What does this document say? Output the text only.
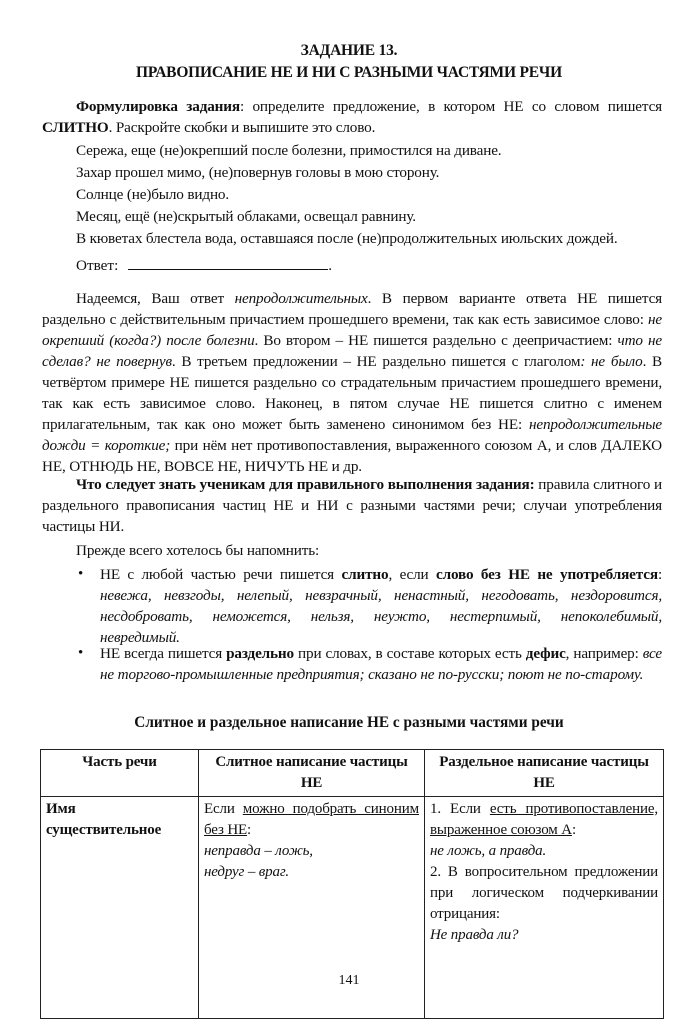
ЗАДАНИЕ 13.
ПРАВОПИСАНИЕ НЕ И НИ С РАЗНЫМИ ЧАСТЯМИ РЕЧИ
Формулировка задания: определите предложение, в котором НЕ со словом пишется СЛИТНО. Раскройте скобки и выпишите это слово.
Сережа, еще (не)окрепший после болезни, примостился на диване.
Захар прошел мимо, (не)повернув головы в мою сторону.
Солнце (не)было видно.
Месяц, ещё (не)скрытый облаками, освещал равнину.
В кюветах блестела вода, оставшаяся после (не)продолжительных июльских дождей.
Ответ:	.
Надеемся, Ваш ответ непродолжительных. В первом варианте ответа НЕ пишется раздельно с действительным причастием прошедшего времени, так как есть зависимое слово: не окрепший (когда?) после болезни. Во втором – НЕ пишется раздельно с деепричастием: что не сделав? не повернув. В третьем предложении – НЕ раздельно пишется с глаголом: не было. В четвёртом примере НЕ пишется раздельно со страдательным причастием прошедшего времени, так как есть зависимое слово. Наконец, в пятом случае НЕ пишется слитно с именем прилагательным, так как оно может быть заменено синонимом без НЕ: непродолжительные дожди = короткие; при нём нет противопоставления, выраженного союзом А, и слов ДАЛЕКО НЕ, ОТНЮДЬ НЕ, ВОВСЕ НЕ, НИЧУТЬ НЕ и др.
Что следует знать ученикам для правильного выполнения задания: правила слитного и раздельного правописания частиц НЕ и НИ с разными частями речи; случаи употребления частицы НИ.
Прежде всего хотелось бы напомнить:
• НЕ с любой частью речи пишется слитно, если слово без НЕ не употребляется: невежа, невзгоды, нелепый, невзрачный, ненастный, негодовать, нездоровится, несдобровать, неможется, нельзя, неужто, нестерпимый, непоколебимый, невредимый.
• НЕ всегда пишется раздельно при словах, в составе которых есть дефис, например: все не торгово-промышленные предприятия; сказано не по-русски; поют не по-старому.
Слитное и раздельное написание НЕ с разными частями речи
Часть речи	Слитное написание частицы НЕ	Раздельное написание частицы НЕ
Имя существительное	Если можно подобрать синоним без НЕ:
неправда – ложь,
недруг – враг.	1. Если есть противопоставление, выраженное союзом А:
не ложь, а правда.
2. В вопросительном предложении при логическом подчеркивании отрицания:
Не правда ли?
141
